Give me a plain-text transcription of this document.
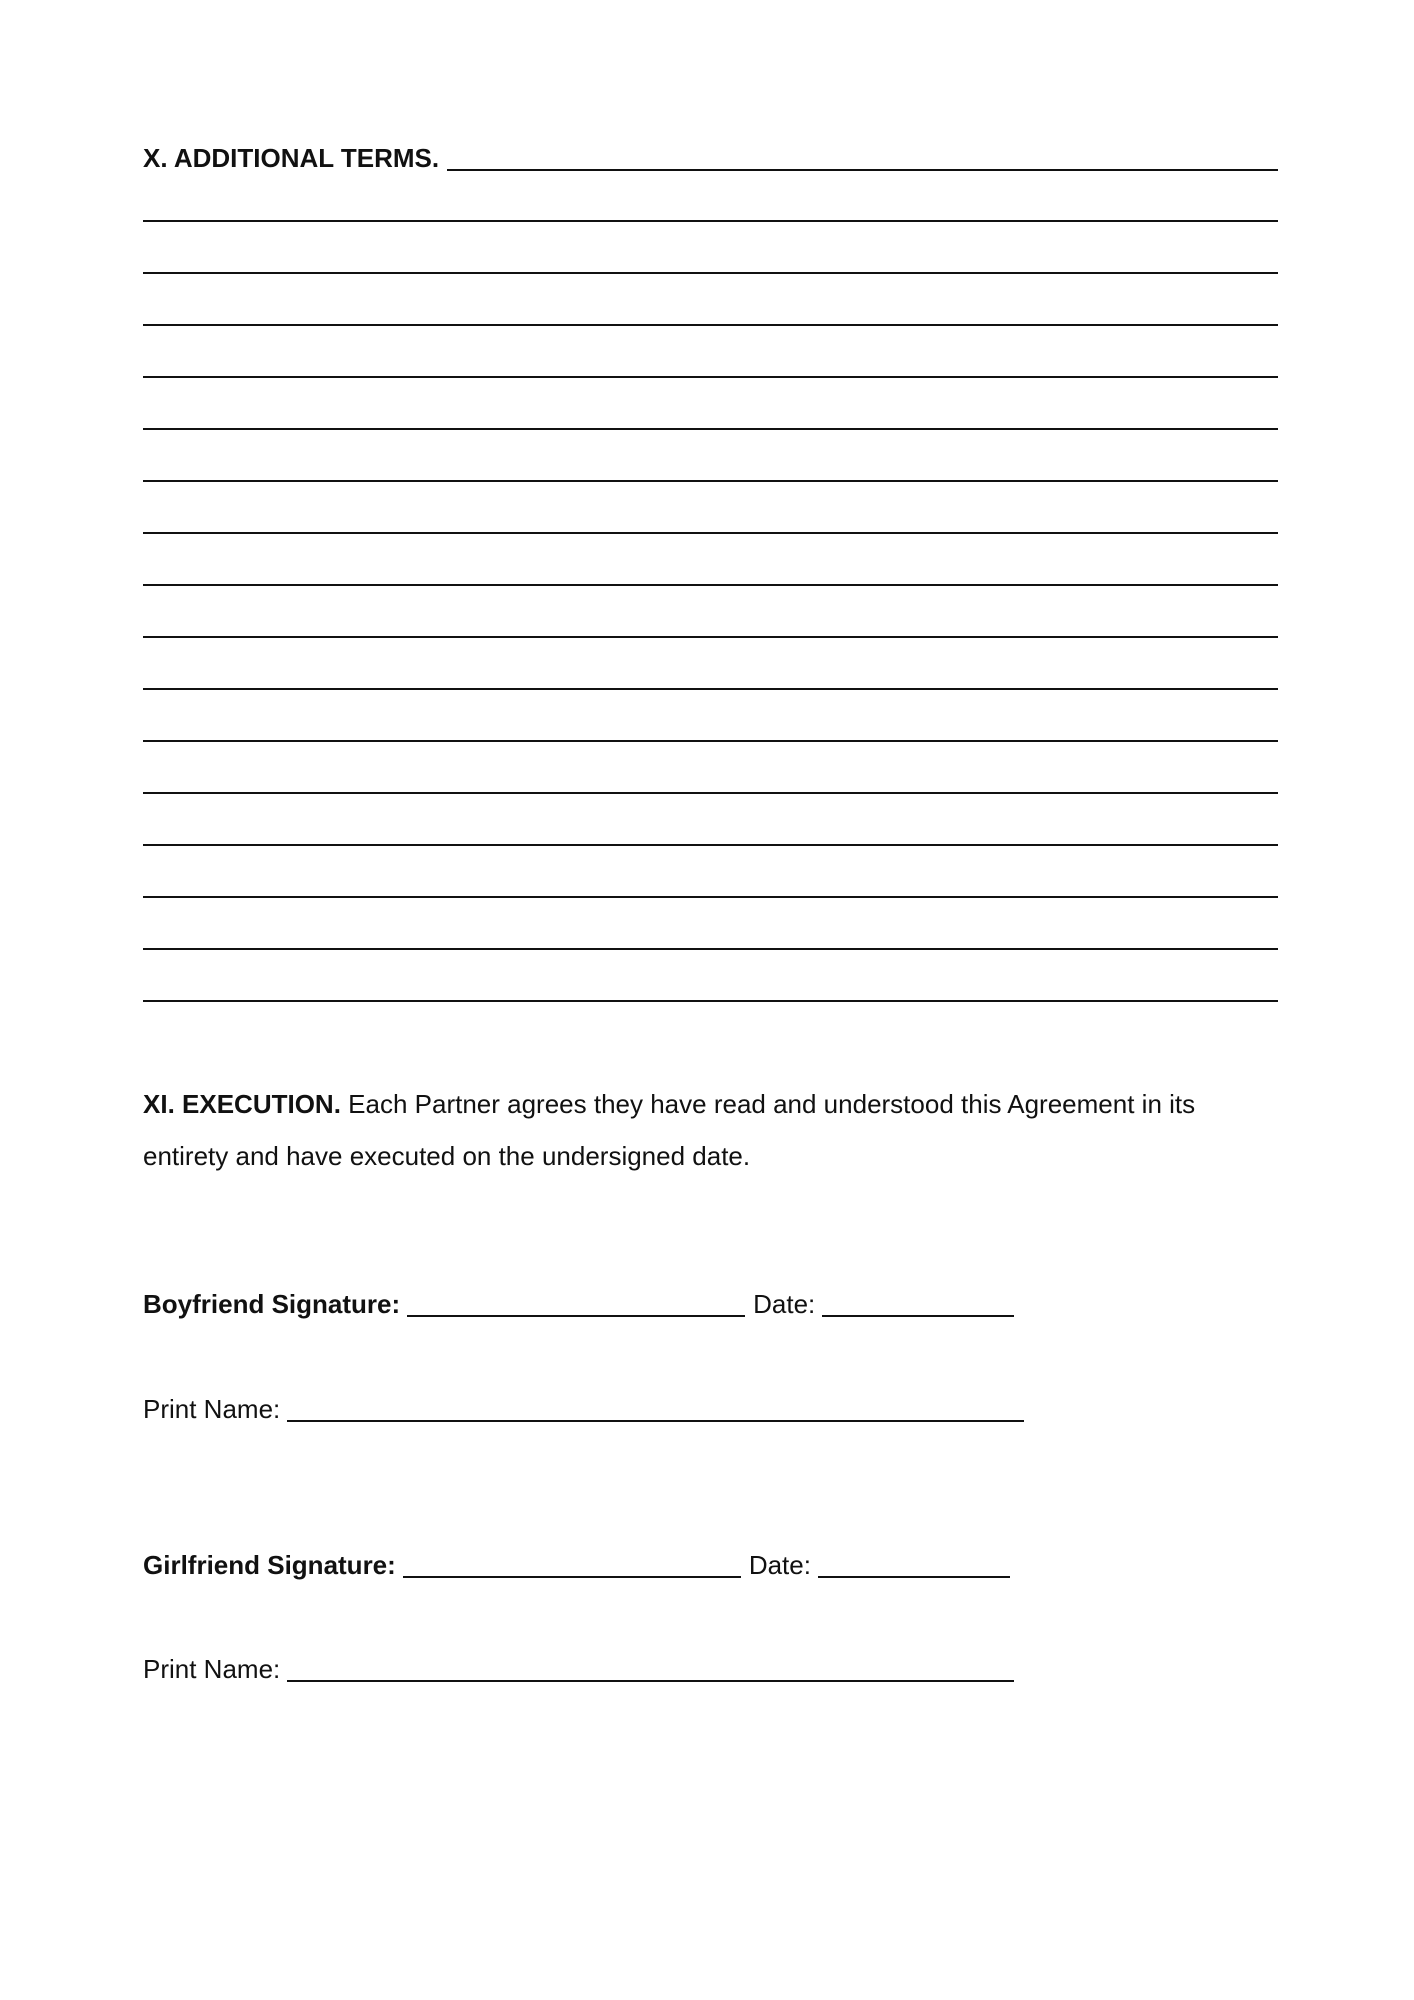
X. ADDITIONAL TERMS.
XI. EXECUTION. Each Partner agrees they have read and understood this Agreement in its entirety and have executed on the undersigned date.
Boyfriend Signature:	Date:
Print Name:
Girlfriend Signature:	Date:
Print Name:
